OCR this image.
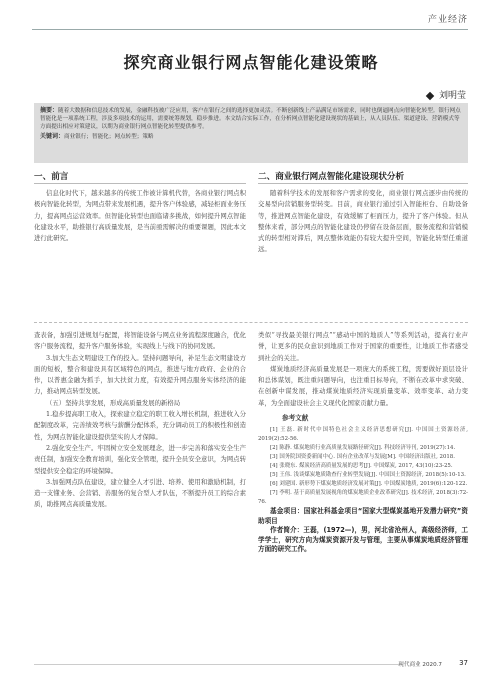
产业经济
探究商业银行网点智能化建设策略
刘明莹
摘要：随着大数据和信息技术的发展，金融科技被广泛应用，客户在银行之间的选择更加灵活。不断创新线上产品满足市场需求，同时也倒逼网点向智能化转型。银行网点智能化是一项系统工程，涉及多项技术的运用，需要统筹规划，稳步推进。本文结合实际工作，在分析网点智能化建设现状的基础上，从人员队伍、渠道建设、营销模式等方面提出相应对策建议，以期为商业银行网点智能化转型提供参考。
关键词：商业银行；智能化；网点转型；策略
一、前言

信息化时代下，越来越多的传统工作被计算机代替，各商业银行网点积极向智能化转型，为网点带来发展机遇，提升客户体验感，减轻柜面业务压力，提高网点运营效率。但智能化转型也面临诸多挑战，如何提升网点智能化建设水平，助推银行高质量发展，是当前亟需解决的重要课题，因此本文进行此研究。

二、商业银行网点智能化建设现状分析

随着科学技术的发展和客户需求的变化，商业银行网点逐步由传统的交易型向营销服务型转变。目前，商业银行通过引入智能柜台、自助设备等，推进网点智能化建设，有效缓解了柜面压力，提升了客户体验。但从整体来看，部分网点的智能化建设仍停留在设备层面，服务流程和营销模式的转型相对滞后，网点整体效能仍有较大提升空间，智能化转型任重道远。

查表备，加强引进规划与配置，将智能设备与网点业务流程深度融合，优化客户服务流程，提升客户服务体验，实现线上与线下的协同发展。

3.加大生态文明建设工作的投入。坚持问题导向，补足生态文明建设方面的短板，整合和建设具有区域特色的网点，推进与地方政府、企业的合作，以普惠金融为抓手，加大扶贫力度，有效提升网点服务实体经济的能力，推动网点转型发展。

（五）坚持共享发展，形成高质量发展的新格局

1.稳步提高职工收入，探索建立稳定的职工收入增长机制，推进收入分配制度改革，完善绩效考核与薪酬分配体系，充分调动员工的积极性和创造性，为网点智能化建设提供坚实的人才保障。

2.强化安全生产。牢固树立安全发展理念，进一步完善和落实安全生产责任制，加强安全教育培训，强化安全管理，提升全员安全意识，为网点转型提供安全稳定的环境保障。

3.加强网点队伍建设，建立健全人才引进、培养、使用和激励机制，打造一支懂业务、会营销、善服务的复合型人才队伍，不断提升员工的综合素质，助推网点高质量发展。

类似“寻找最美银行网点”“感动中国的地质人”等系列活动，提高行业声誉，让更多的民众意识到地质工作对于国家的重要性，让地质工作者感受到社会的关注。

煤炭地质经济高质量发展是一项庞大的系统工程，需要做好顶层设计和总体谋划，既注重问题导向，也注重目标导向，不断在改革中求突破、在创新中谋发展，推动煤炭地质经济实现质量变革、效率变革、动力变革，为全面建设社会主义现代化国家贡献力量。

参考文献

[1] 王磊. 新时代中国特色社会主义经济思想研究[J]. 中国国土资源经济, 2019(2):52-56.

[2] 陈静. 煤炭地质行业高质量发展路径研究[J]. 科技经济导刊, 2019(27):14.

[3] 国务院国资委新闻中心. 国有企业改革与发展[M]. 中国经济出版社, 2018.

[4] 张晓东. 煤炭经济高质量发展的思考[J]. 中国煤炭, 2017, 43(10):23-25.

[5] 王伟. 浅谈煤炭地质勘查行业转型发展[J]. 中国国土资源经济, 2018(5):10-13.

[6] 刘建国. 新形势下煤炭地质经济发展对策[J]. 中国煤炭地质, 2019(6):120-122.

[7] 李明. 基于高质量发展视角的煤炭地质企业改革研究[J]. 技术经济, 2018(3):72-76.

基金项目：国家社科基金项目“国家大型煤炭基地开发潜力研究”资助项目

作者简介：王磊，(1972—)，男，河北省沧州人，高级经济师，工学学士，研究方向为煤炭资源开发与管理，主要从事煤炭地质经济管理方面的研究工作。

现代商业 2020.7 37
